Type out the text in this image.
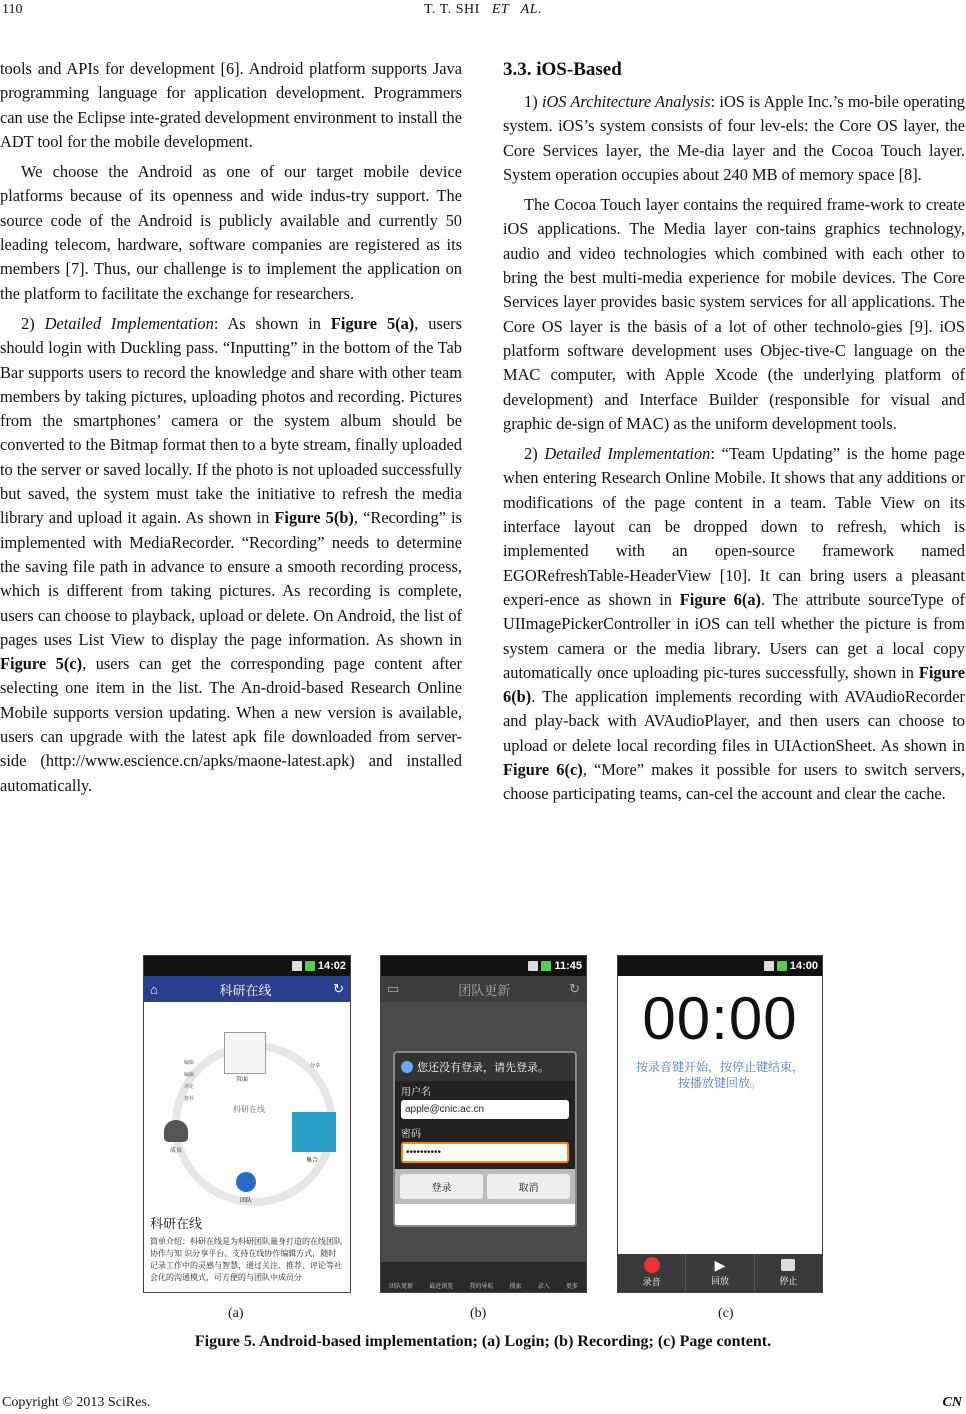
110	T. T. SHI   ET   AL.

tools and APIs for development [6]. Android platform supports Java programming language for application development. Programmers can use the Eclipse inte-grated development environment to install the ADT tool for the mobile development.

We choose the Android as one of our target mobile device platforms because of its openness and wide indus-try support. The source code of the Android is publicly available and currently 50 leading telecom, hardware, software companies are registered as its members [7]. Thus, our challenge is to implement the application on the platform to facilitate the exchange for researchers.

2) Detailed Implementation: As shown in Figure 5(a), users should login with Duckling pass. “Inputting” in the bottom of the Tab Bar supports users to record the knowledge and share with other team members by taking pictures, uploading photos and recording. Pictures from the smartphones’ camera or the system album should be converted to the Bitmap format then to a byte stream, finally uploaded to the server or saved locally. If the photo is not uploaded successfully but saved, the system must take the initiative to refresh the media library and upload it again. As shown in Figure 5(b), “Recording” is implemented with MediaRecorder. “Recording” needs to determine the saving file path in advance to ensure a smooth recording process, which is different from taking pictures. As recording is complete, users can choose to playback, upload or delete. On Android, the list of pages uses List View to display the page information. As shown in Figure 5(c), users can get the corresponding page content after selecting one item in the list. The An-droid-based Research Online Mobile supports version updating. When a new version is available, users can upgrade with the latest apk file downloaded from server-side (http://www.escience.cn/apks/maone-latest.apk) and installed automatically.

3.3. iOS-Based

1) iOS Architecture Analysis: iOS is Apple Inc.’s mo-bile operating system. iOS’s system consists of four lev-els: the Core OS layer, the Core Services layer, the Me-dia layer and the Cocoa Touch layer. System operation occupies about 240 MB of memory space [8].

The Cocoa Touch layer contains the required frame-work to create iOS applications. The Media layer con-tains graphics technology, audio and video technologies which combined with each other to bring the best multi-media experience for mobile devices. The Core Services layer provides basic system services for all applications. The Core OS layer is the basis of a lot of other technolo-gies [9]. iOS platform software development uses Objec-tive-C language on the MAC computer, with Apple Xcode (the underlying platform of development) and Interface Builder (responsible for visual and graphic de-sign of MAC) as the uniform development tools.

2) Detailed Implementation: “Team Updating” is the home page when entering Research Online Mobile. It shows that any additions or modifications of the page content in a team. Table View on its interface layout can be dropped down to refresh, which is implemented with an open-source framework named EGORefreshTable-HeaderView [10]. It can bring users a pleasant experi-ence as shown in Figure 6(a). The attribute sourceType of UIImagePickerController in iOS can tell whether the picture is from system camera or the media library. Users can get a local copy automatically once uploading pic-tures successfully, shown in Figure 6(b). The application implements recording with AVAudioRecorder and play-back with AVAudioPlayer, and then users can choose to upload or delete local recording files in UIActionSheet. As shown in Figure 6(c), “More” makes it possible for users to switch servers, choose participating teams, can-cel the account and clear the cache.

14:02
⌂	科研在线	↻
科研在线
页面
集合
团队
成员
编辑
编辑
评论
推荐
分享
科研在线
简单介绍：科研在线是为科研团队量身打造的在线团队协作与知 识分享平台。支持在线协作编辑方式，随时记录工作中的灵感与智慧，通过关注、推荐、评论等社会化的沟通模式，可方便的与团队中成员分
11:45
▭	团队更新	↻
您还没有登录，请先登录。
用户名
apple@cnic.ac.cn
密码
••••••••••
登录	取消
团队更新	最近浏览	我的导航	搜索	录入	更多
14:00
00:00
按录音键开始，按停止键结束，按播放键回放。
录音
▶
回放	停止
(a)	(b)	(c)
Figure 5. Android-based implementation; (a) Login; (b) Recording; (c) Page content.
Copyright © 2013 SciRes.	CN
